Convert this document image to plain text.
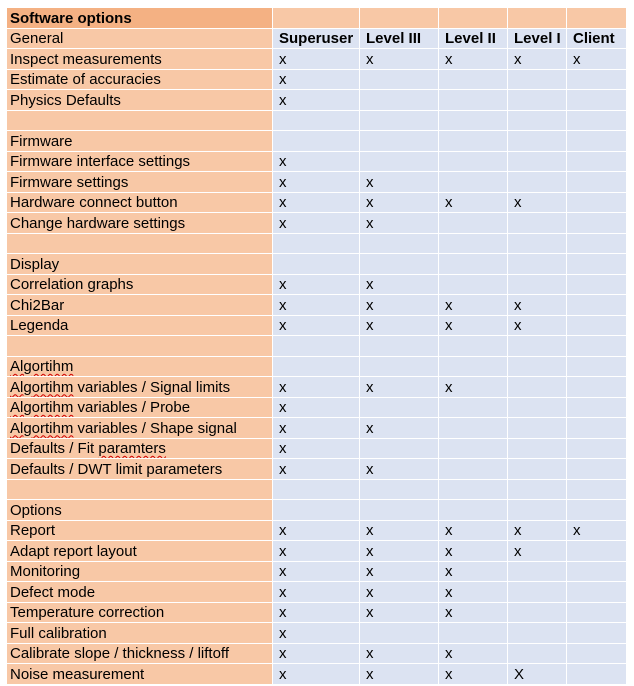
Software options					
General	Superuser	Level III	Level II	Level I	Client
Inspect measurements	x	x	x	x	x
Estimate of accuracies	x				
Physics Defaults	x				

Firmware					
Firmware interface settings	x				
Firmware settings	x	x			
Hardware connect button	x	x	x	x	
Change hardware settings	x	x			

Display					
Correlation graphs	x	x			
Chi2Bar	x	x	x	x	
Legenda	x	x	x	x	

Algortihm					
Algortihm variables / Signal limits	x	x	x		
Algortihm variables / Probe	x				
Algortihm variables / Shape signal	x	x			
Defaults / Fit paramters	x				
Defaults / DWT limit parameters	x	x			

Options					
Report	x	x	x	x	x
Adapt report layout	x	x	x	x	
Monitoring	x	x	x		
Defect mode	x	x	x		
Temperature correction	x	x	x		
Full calibration	x				
Calibrate slope / thickness / liftoff	x	x	x		
Noise measurement	x	x	x	X	
